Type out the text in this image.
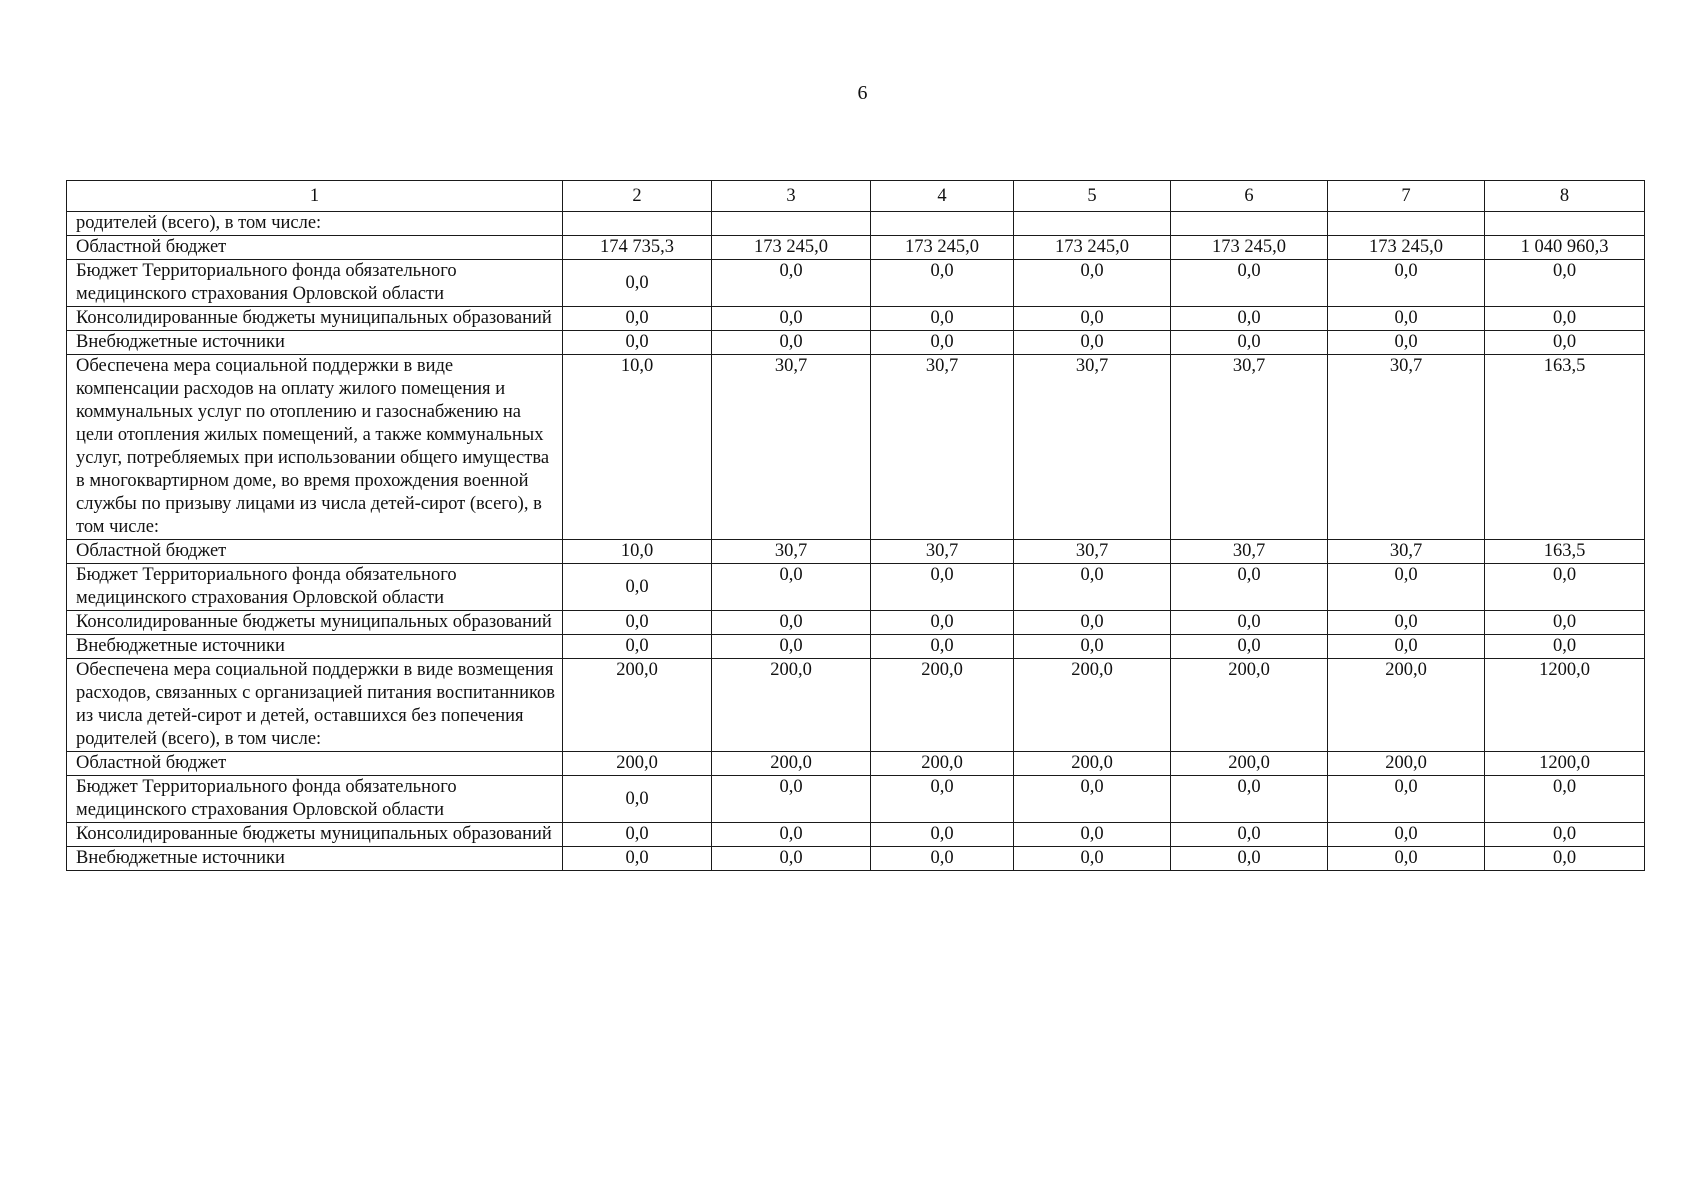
6
1	2	3	4	5	6	7	8
родителей (всего), в том числе:							
Областной бюджет	174 735,3	173 245,0	173 245,0	173 245,0	173 245,0	173 245,0	1 040 960,3
Бюджет Территориального фонда обязательного медицинского страхования Орловской области	0,0	0,0	0,0	0,0	0,0	0,0	0,0
Консолидированные бюджеты муниципальных образований	0,0	0,0	0,0	0,0	0,0	0,0	0,0
Внебюджетные источники	0,0	0,0	0,0	0,0	0,0	0,0	0,0
Обеспечена мера социальной поддержки в виде компенсации расходов на оплату жилого помещения и коммунальных услуг по отоплению и газоснабжению на цели отопления жилых помещений, а также коммунальных услуг, потребляемых при использовании общего имущества в многоквартирном доме, во время прохождения военной службы по призыву лицами из числа детей-сирот (всего), в том числе:	10,0	30,7	30,7	30,7	30,7	30,7	163,5
Областной бюджет	10,0	30,7	30,7	30,7	30,7	30,7	163,5
Бюджет Территориального фонда обязательного медицинского страхования Орловской области	0,0	0,0	0,0	0,0	0,0	0,0	0,0
Консолидированные бюджеты муниципальных образований	0,0	0,0	0,0	0,0	0,0	0,0	0,0
Внебюджетные источники	0,0	0,0	0,0	0,0	0,0	0,0	0,0
Обеспечена мера социальной поддержки в виде возмещения расходов, связанных с организацией питания воспитанников из числа детей-сирот и детей, оставшихся без попечения родителей (всего), в том числе:	200,0	200,0	200,0	200,0	200,0	200,0	1200,0
Областной бюджет	200,0	200,0	200,0	200,0	200,0	200,0	1200,0
Бюджет Территориального фонда обязательного медицинского страхования Орловской области	0,0	0,0	0,0	0,0	0,0	0,0	0,0
Консолидированные бюджеты муниципальных образований	0,0	0,0	0,0	0,0	0,0	0,0	0,0
Внебюджетные источники	0,0	0,0	0,0	0,0	0,0	0,0	0,0
